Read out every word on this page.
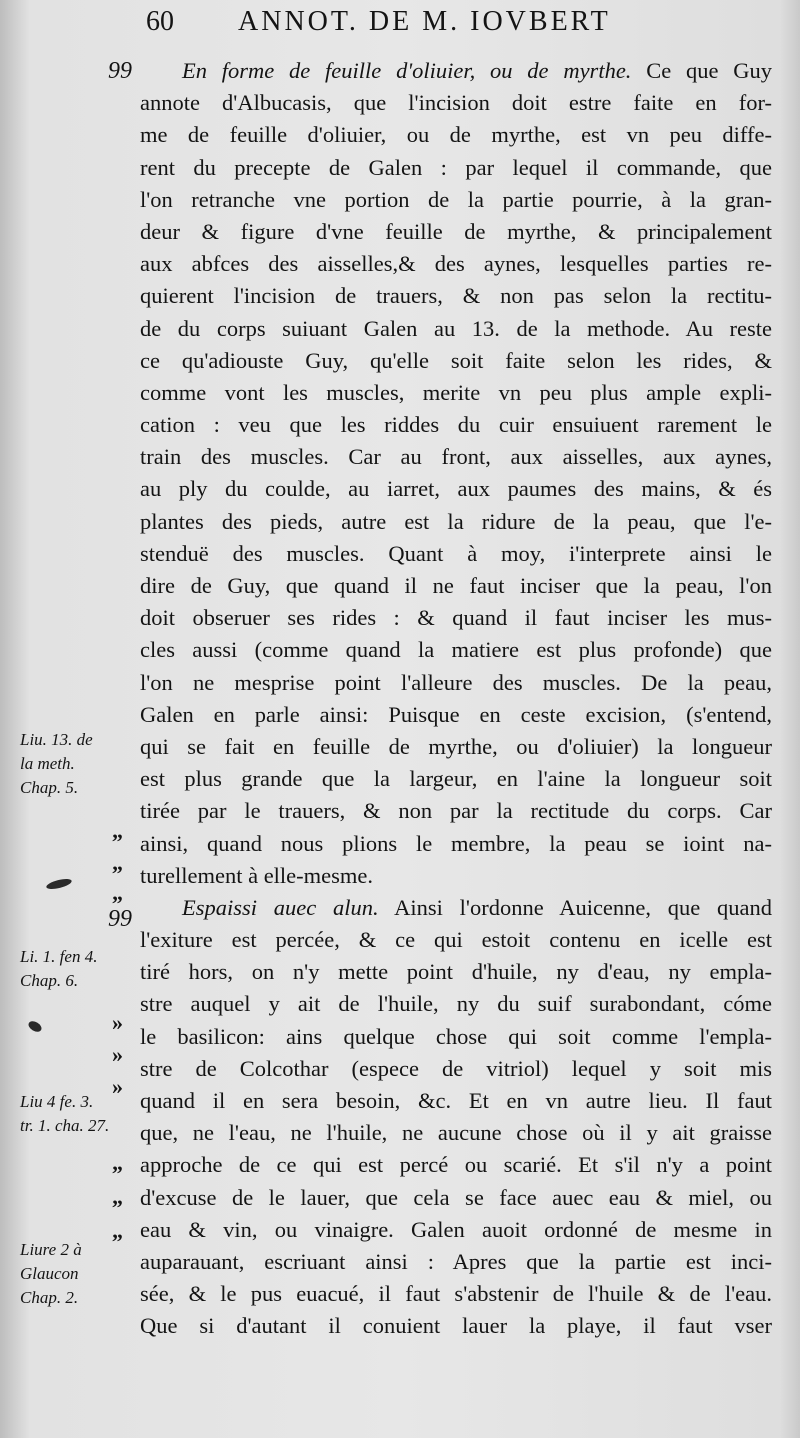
60 ANNOT. DE M. IOVBERT
99
99
Liu. 13. de
la meth.
Chap. 5.
Li. 1. fen 4.
Chap. 6.
Liu 4 fe. 3.
tr. 1. cha. 27.
Liure 2 à
Glaucon
Chap. 2.
„
„
„
»
»
»
„
„
„
En forme de feuille d'oliuier, ou de myrthe. Ce que Guy
annote d'Albucasis, que l'incision doit estre faite en for-
me de feuille d'oliuier, ou de myrthe, est vn peu diffe-
rent du precepte de Galen : par lequel il commande, que
l'on retranche vne portion de la partie pourrie, à la gran-
deur & figure d'vne feuille de myrthe, & principalement
aux abfces des aisselles,& des aynes, lesquelles parties re-
quierent l'incision de trauers, & non pas selon la rectitu-
de du corps suiuant Galen au 13. de la methode. Au reste
ce qu'adiouste Guy, qu'elle soit faite selon les rides, &
comme vont les muscles, merite vn peu plus ample expli-
cation : veu que les riddes du cuir ensuiuent rarement le
train des muscles. Car au front, aux aisselles, aux aynes,
au ply du coulde, au iarret, aux paumes des mains, & és
plantes des pieds, autre est la ridure de la peau, que l'e-
stenduë des muscles. Quant à moy, i'interprete ainsi le
dire de Guy, que quand il ne faut inciser que la peau, l'on
doit obseruer ses rides : & quand il faut inciser les mus-
cles aussi (comme quand la matiere est plus profonde) que
l'on ne mesprise point l'alleure des muscles. De la peau,
Galen en parle ainsi: Puisque en ceste excision, (s'entend,
qui se fait en feuille de myrthe, ou d'oliuier) la longueur
est plus grande que la largeur, en l'aine la longueur soit
tirée par le trauers, & non par la rectitude du corps. Car
ainsi, quand nous plions le membre, la peau se ioint na-
turellement à elle-mesme.
Espaissi auec alun. Ainsi l'ordonne Auicenne, que quand
l'exiture est percée, & ce qui estoit contenu en icelle est
tiré hors, on n'y mette point d'huile, ny d'eau, ny empla-
stre auquel y ait de l'huile, ny du suif surabondant, cóme
le basilicon: ains quelque chose qui soit comme l'empla-
stre de Colcothar (espece de vitriol) lequel y soit mis
quand il en sera besoin, &c. Et en vn autre lieu. Il faut
que, ne l'eau, ne l'huile, ne aucune chose où il y ait graisse
approche de ce qui est percé ou scarié. Et s'il n'y a point
d'excuse de le lauer, que cela se face auec eau & miel, ou
eau & vin, ou vinaigre. Galen auoit ordonné de mesme in
auparauant, escriuant ainsi : Apres que la partie est inci-
sée, & le pus euacué, il faut s'abstenir de l'huile & de l'eau.
Que si d'autant il conuient lauer la playe, il faut vser
